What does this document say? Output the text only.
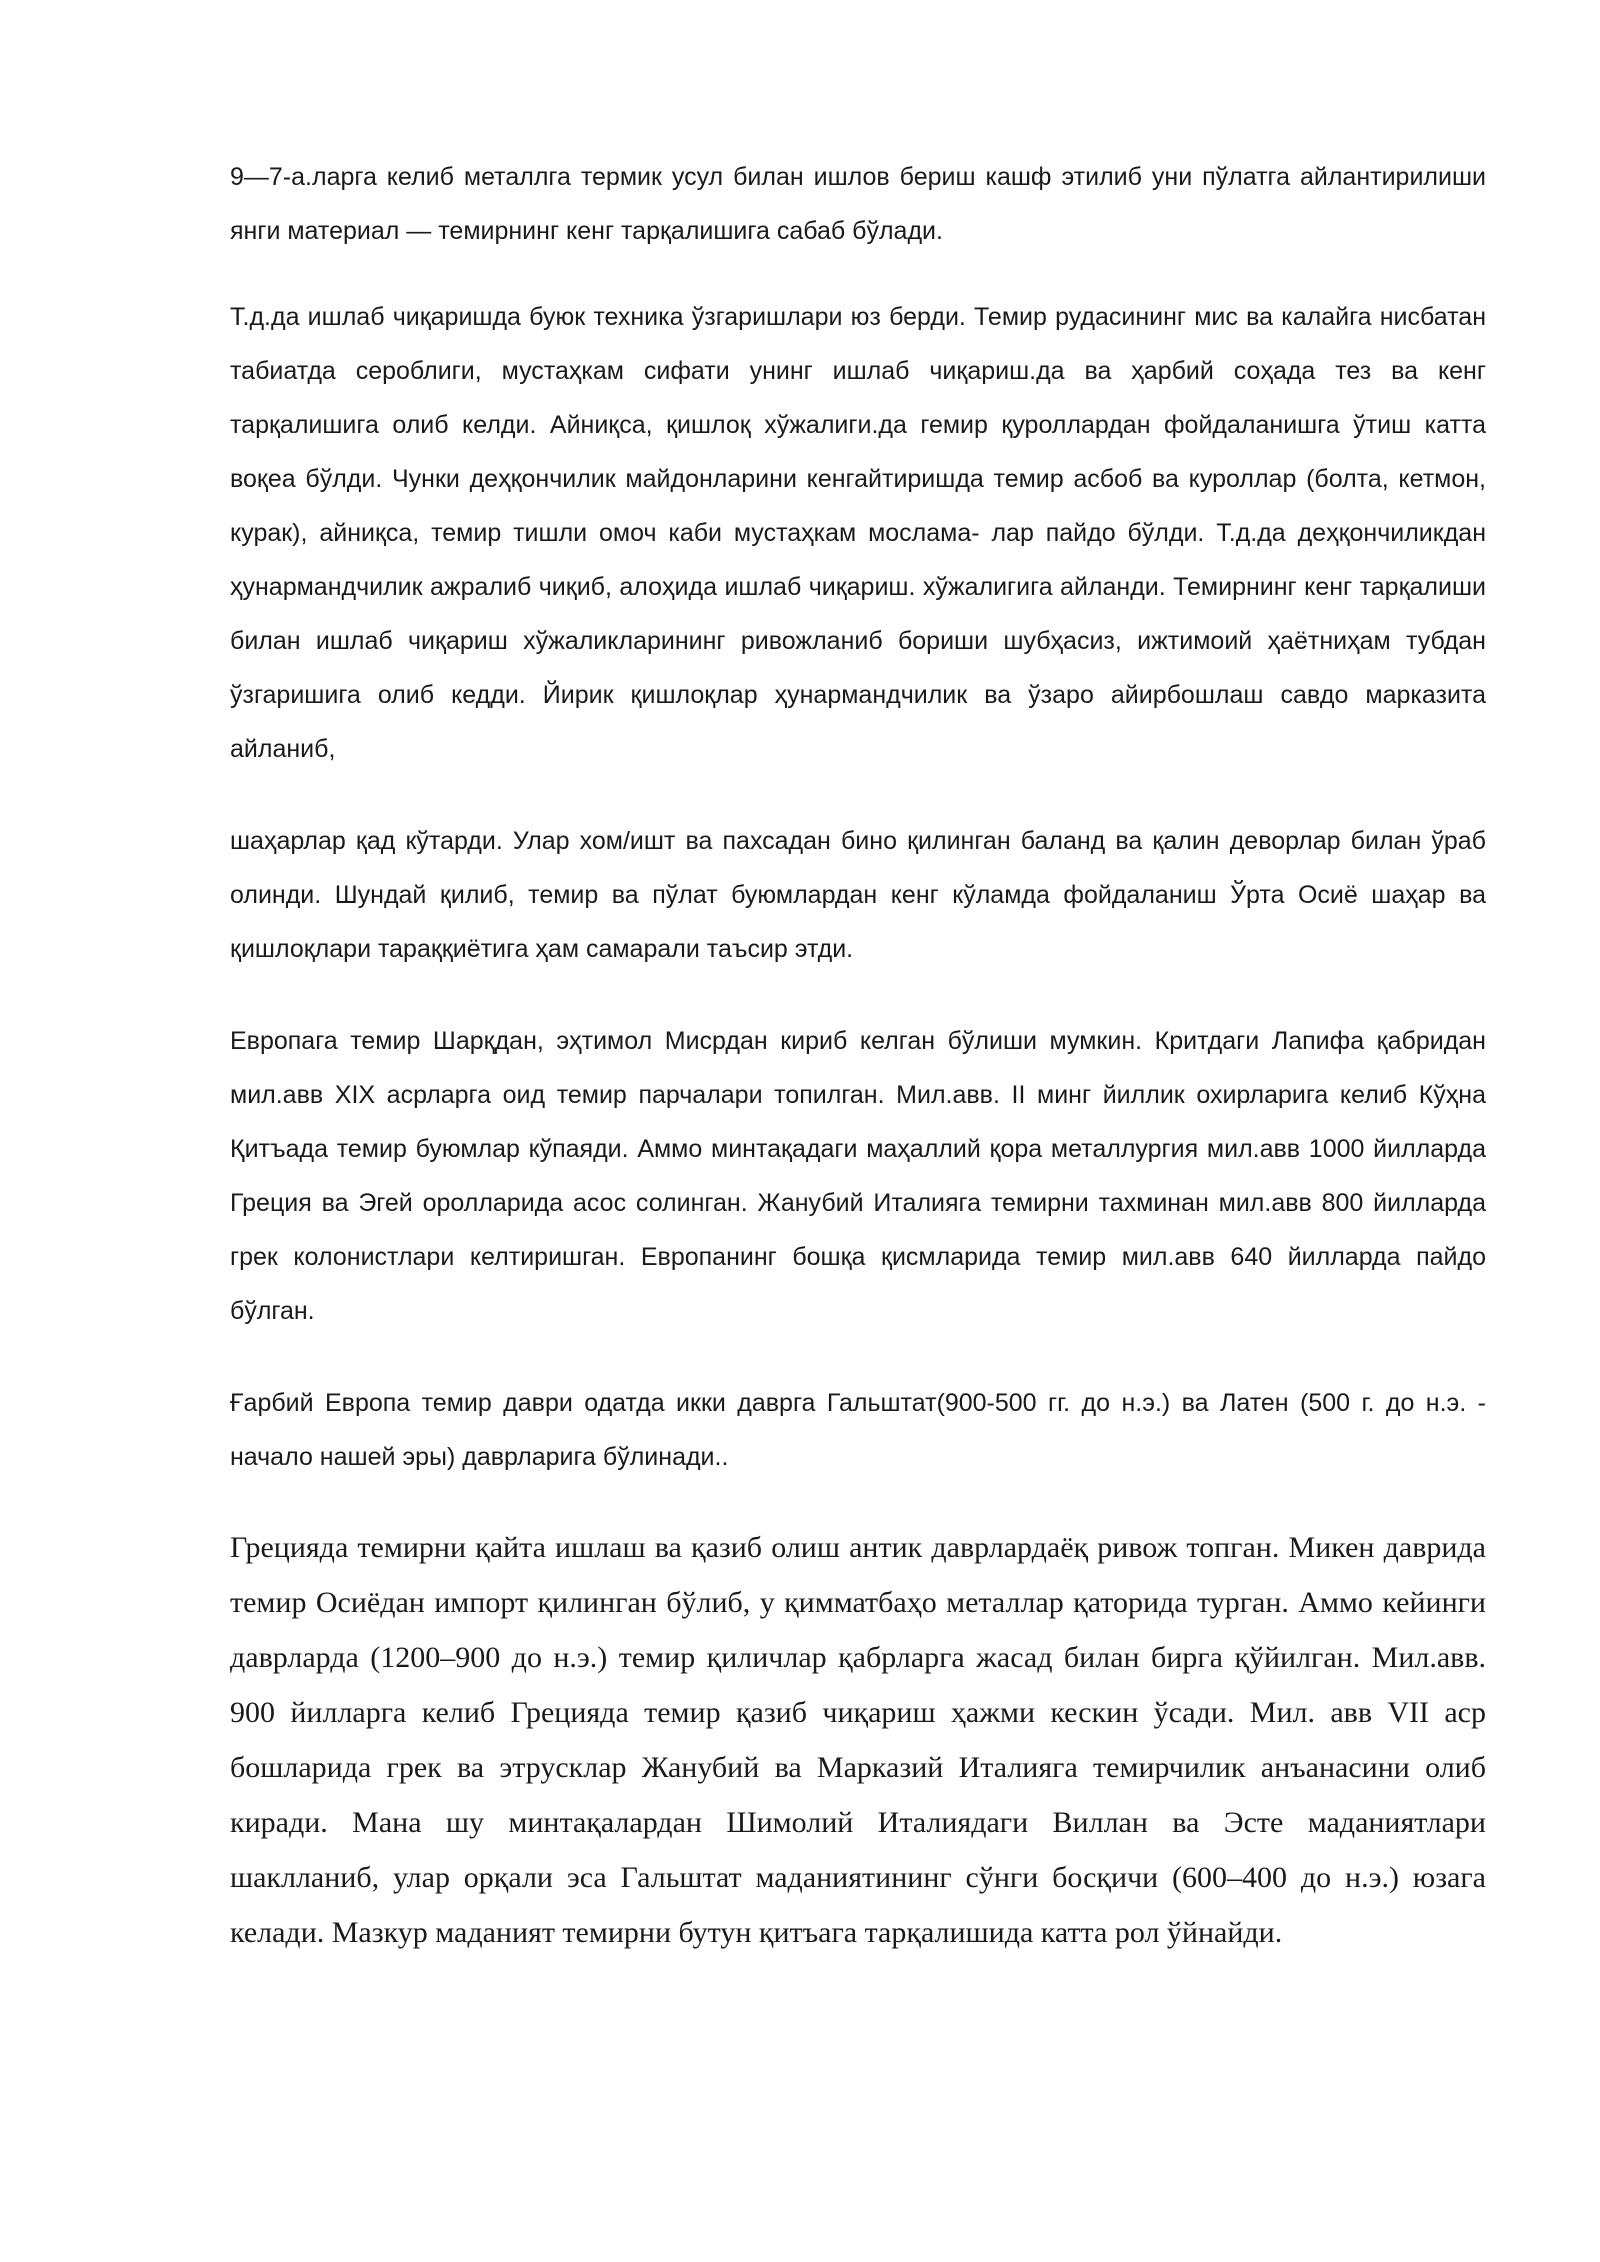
9—7-а.ларга келиб металлга термик усул билан ишлов бериш кашф этилиб уни пўлатга айлантирилиши янги материал — темирнинг кенг тарқалишига сабаб бўлади.

Т.д.да ишлаб чиқаришда буюк техника ўзгаришлари юз берди. Темир рудасининг мис ва калайга нисбатан табиатда сероблиги, мустаҳкам сифати унинг ишлаб чиқариш.да ва ҳарбий соҳада тез ва кенг тарқалишига олиб келди. Айниқса, қишлоқ хўжалиги.да гемир қуроллардан фойдаланишга ўтиш катта воқеа бўлди. Чунки деҳқончилик майдонларини кенгайтиришда темир асбоб ва куроллар (болта, кетмон, курак), айниқса, темир тишли омоч каби мустаҳкам мослама- лар пайдо бўлди. Т.д.да деҳқончиликдан ҳунармандчилик ажралиб чиқиб, алоҳида ишлаб чиқариш. хўжалигига айланди. Темирнинг кенг тарқалиши билан ишлаб чиқариш хўжаликларининг ривожланиб бориши шубҳасиз, ижтимоий ҳаётниҳам тубдан ўзгаришига олиб кедди. Йирик қишлоқлар ҳунармандчилик ва ўзаро айирбошлаш савдо марказита айланиб,

шаҳарлар қад кўтарди. Улар хом/ишт ва пахсадан бино қилинган баланд ва қалин деворлар билан ўраб олинди. Шундай қилиб, темир ва пўлат буюмлардан кенг кўламда фойдаланиш Ўрта Осиё шаҳар ва қишлоқлари тараққиётига ҳам самарали таъсир этди.

Европага темир Шарқдан, эҳтимол Мисрдан кириб келган бўлиши мумкин. Критдаги Лапифа қабридан мил.авв XIX асрларга оид темир парчалари топилган. Мил.авв. II минг йиллик охирларига келиб Кўҳна Қитъада темир буюмлар кўпаяди. Аммо минтақадаги маҳаллий қора металлургия мил.авв 1000 йилларда Греция ва Эгей оролларида асос солинган. Жанубий Италияга темирни тахминан мил.авв 800 йилларда грек колонистлари келтиришган. Европанинг бошқа қисмларида темир мил.авв 640 йилларда пайдо бўлган.

Ғарбий Европа темир даври одатда икки даврга Гальштат(900-500 гг. до н.э.) ва Латен (500 г. до н.э. - начало нашей эры) даврларига бўлинади..

Грецияда темирни қайта ишлаш ва қазиб олиш антик даврлардаёқ ривож топган. Микен даврида темир Осиёдан импорт қилинган бўлиб, у қимматбаҳо металлар қаторида турган. Аммо кейинги даврларда (1200–900 до н.э.) темир қиличлар қабрларга жасад билан бирга қўйилган. Мил.авв. 900 йилларга келиб Грецияда темир қазиб чиқариш ҳажми кескин ўсади. Мил. авв VII аср бошларида грек ва этрусклар Жанубий ва Марказий Италияга темирчилик анъанасини олиб киради. Мана шу минтақалардан Шимолий Италиядаги Виллан ва Эсте маданиятлари шаклланиб, улар орқали эса Гальштат маданиятининг сўнги босқичи (600–400 до н.э.) юзага келади. Мазкур маданият темирни бутун қитъага тарқалишида катта рол ўйнайди.
